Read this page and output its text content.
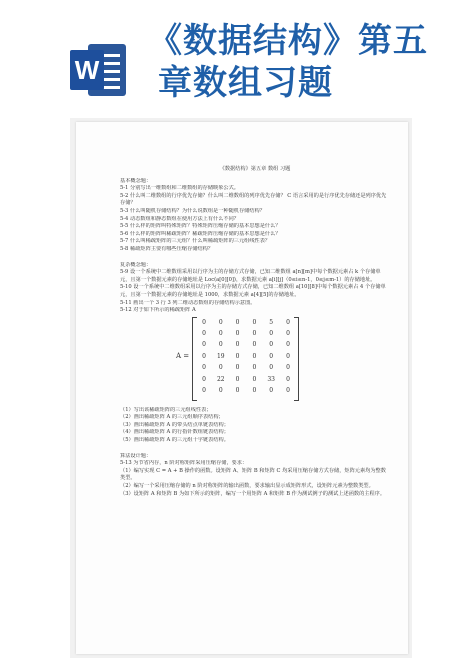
W
《数据结构》第五
章数组习题
《数据结构》第五章 数组 习题
基本概念题：
5-1 分别写出一维数组和二维数组的存储映象公式。
5-2 什么叫二维数组的行序优先存储？什么叫二维数组的列序优先存储？ C 语言采用的是行序优先存储还是列序优先存储？
5-3 什么叫随机存储结构？为什么说数组是一种随机存储结构？
5-4 动态数组和静态数组在使用方法上有什么不同？
5-5 什么样的矩阵叫特殊矩阵？特殊矩阵压缩存储的基本思想是什么？
5-6 什么样的矩阵叫稀疏矩阵？稀疏矩阵压缩存储的基本思想是什么？
5-7 什么叫稀疏矩阵的三元组？什么叫稀疏矩阵的三元组线性表？
5-8 稀疏矩阵主要有哪些压缩存储结构？
复杂概念题：
5-9 设一个系统中二维数组采用以行序为主的存储方式存储，已知二维数组 a[n][m]中每个数据元素占 k 个存储单元，且第一个数据元素的存储地址是 Loc(a[0][0])，求数据元素 a[i][j]（0≤i≤n-1，0≤j≤m-1）的存储地址。
5-10 设一个系统中二维数组采用以行序为主的存储方式存储，已知二维数组 a[10][8]中每个数据元素占 4 个存储单元，且第一个数据元素的存储地址是 1000，求数据元素 a[4][5]的存储地址。
5-11 画出一个 3 行 3 列二维动态数组的存储结构示意图。
5-12 对于如下所示的稀疏矩阵 A
A =
0	0	0	0	5	0
0	0	0	0	0	0
0	0	0	0	0	0
0	19	0	0	0	0
0	0	0	0	0	0
0	22	0	0	33	0
0	0	0	0	0	0
（1）写出该稀疏矩阵的三元组线性表；
（2）画出稀疏矩阵 A 的三元组顺序表结构；
（3）画出稀疏矩阵 A 的带头结点单链表结构；
（4）画出稀疏矩阵 A 的行指针数组链表结构；
（5）画出稀疏矩阵 A 的三元组十字链表结构。
算法设计题：
5-13 为节省内存，n 阶对称矩阵采用压缩存储，要求：
（1）编写实现 C = A + B 操作的函数。设矩阵 A、矩阵 B 和矩阵 C 均采用压缩存储方式存储，矩阵元素均为整数类型。
（2）编写一个采用压缩存储的 n 阶对称矩阵的输出函数，要求输出显示成矩阵形式，设矩阵元素为整数类型。
（3）设矩阵 A 和矩阵 B 为如下所示的矩阵，编写一个用矩阵 A 和矩阵 B 作为测试例子的测试上述函数的主程序。
